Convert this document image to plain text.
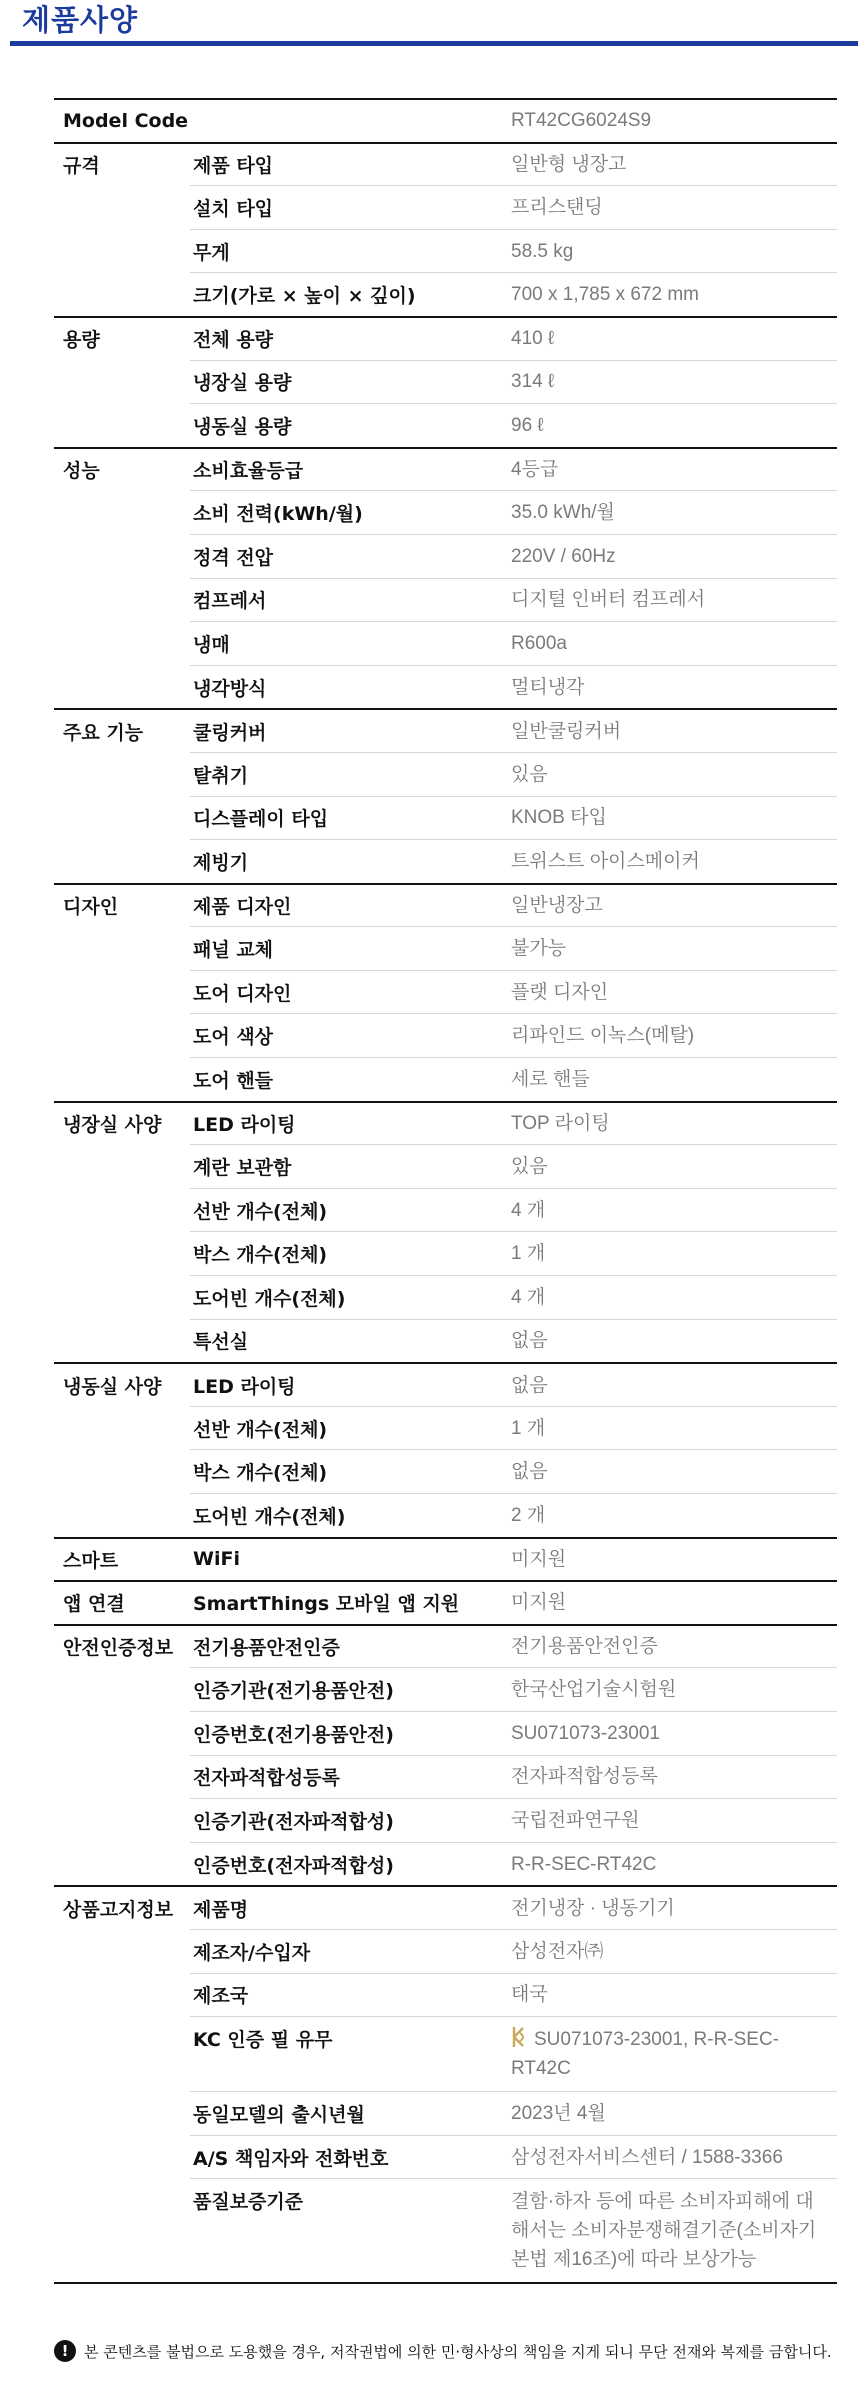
제품사양
Model Code	RT42CG6024S9
규격	제품 타입	일반형 냉장고
설치 타입	프리스탠딩
무게	58.5 kg
크기(가로 × 높이 × 깊이)	700 x 1,785 x 672 mm
용량	전체 용량	410 ℓ
냉장실 용량	314 ℓ
냉동실 용량	96 ℓ
성능	소비효율등급	4등급
소비 전력(kWh/월)	35.0 kWh/월
정격 전압	220V / 60Hz
컴프레서	디지털 인버터 컴프레서
냉매	R600a
냉각방식	멀티냉각
주요 기능	쿨링커버	일반쿨링커버
탈취기	있음
디스플레이 타입	KNOB 타입
제빙기	트위스트 아이스메이커
디자인	제품 디자인	일반냉장고
패널 교체	불가능
도어 디자인	플랫 디자인
도어 색상	리파인드 이녹스(메탈)
도어 핸들	세로 핸들
냉장실 사양	LED 라이팅	TOP 라이팅
계란 보관함	있음
선반 개수(전체)	4 개
박스 개수(전체)	1 개
도어빈 개수(전체)	4 개
특선실	없음
냉동실 사양	LED 라이팅	없음
선반 개수(전체)	1 개
박스 개수(전체)	없음
도어빈 개수(전체)	2 개
스마트	WiFi	미지원
앱 연결	SmartThings 모바일 앱 지원	미지원
안전인증정보	전기용품안전인증	전기용품안전인증
인증기관(전기용품안전)	한국산업기술시험원
인증번호(전기용품안전)	SU071073-23001
전자파적합성등록	전자파적합성등록
인증기관(전자파적합성)	국립전파연구원
인증번호(전자파적합성)	R-R-SEC-RT42C
상품고지정보	제품명	전기냉장 · 냉동기기
제조자/수입자	삼성전자㈜
제조국	태국
KC 인증 필 유무	SU071073-23001, R-R-SEC-RT42C
동일모델의 출시년월	2023년 4월
A/S 책임자와 전화번호	삼성전자서비스센터 / 1588-3366
품질보증기준	결함·하자 등에 따른 소비자피해에 대해서는 소비자분쟁해결기준(소비자기본법 제16조)에 따라 보상가능
!	본 콘텐츠를 불법으로 도용했을 경우, 저작권법에 의한 민·형사상의 책임을 지게 되니 무단 전재와 복제를 금합니다.
